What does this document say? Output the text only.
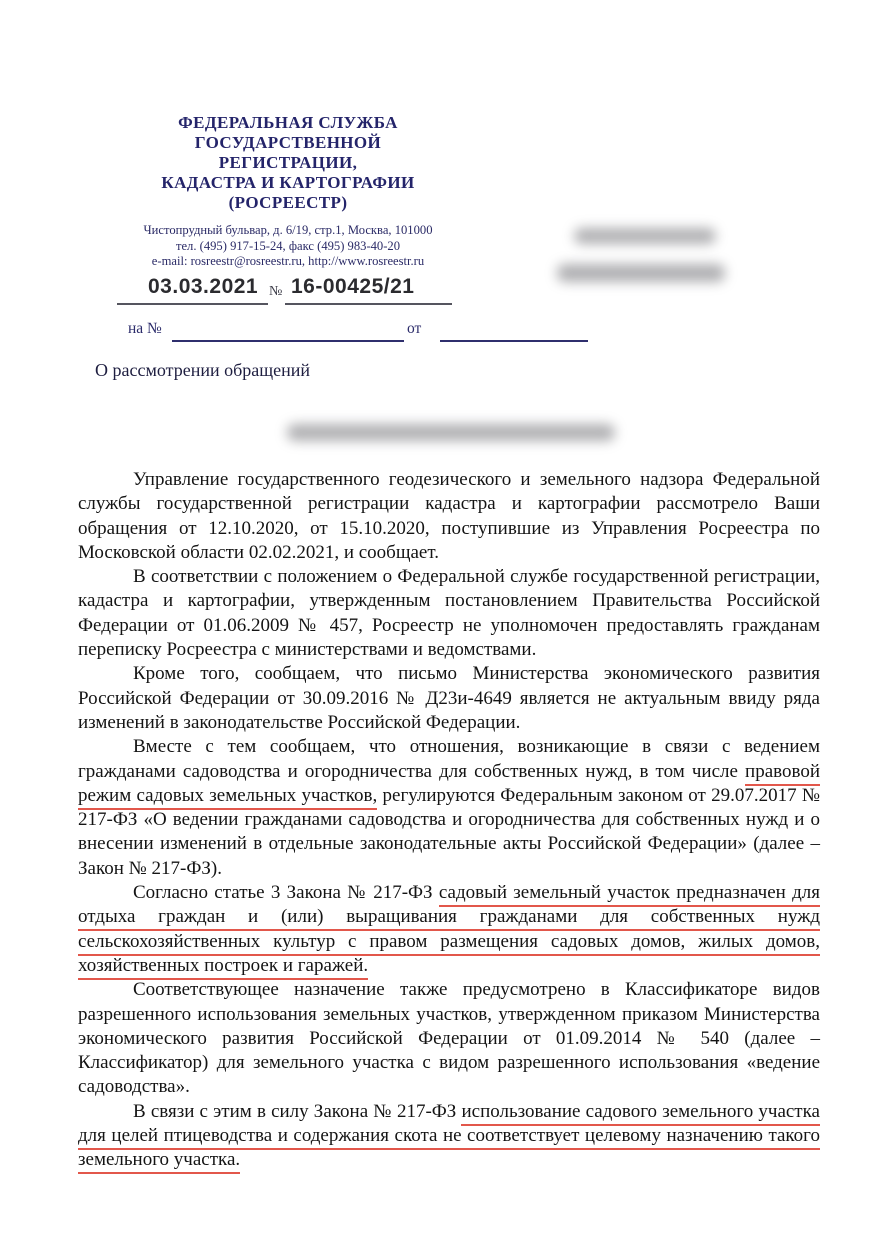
ФЕДЕРАЛЬНАЯ СЛУЖБА
ГОСУДАРСТВЕННОЙ
РЕГИСТРАЦИИ,
КАДАСТРА И КАРТОГРАФИИ
(РОСРЕЕСТР)
Чистопрудный бульвар, д. 6/19, стр.1, Москва, 101000
тел. (495) 917-15-24, факс (495) 983-40-20
e-mail: rosreestr@rosreestr.ru, http://www.rosreestr.ru
03.03.2021 № 16-00425/21
на №	от
О рассмотрении обращений

Управление государственного геодезического и земельного надзора Федеральной службы государственной регистрации кадастра и картографии рассмотрело Ваши обращения от 12.10.2020, от 15.10.2020, поступившие из Управления Росреестра по Московской области 02.02.2021, и сообщает.

В соответствии с положением о Федеральной службе государственной регистрации, кадастра и картографии, утвержденным постановлением Правительства Российской Федерации от 01.06.2009 № 457, Росреестр не уполномочен предоставлять гражданам переписку Росреестра с министерствами и ведомствами.

Кроме того, сообщаем, что письмо Министерства экономического развития Российской Федерации от 30.09.2016 № Д23и-4649 является не актуальным ввиду ряда изменений в законодательстве Российской Федерации.

Вместе с тем сообщаем, что отношения, возникающие в связи с ведением гражданами садоводства и огородничества для собственных нужд, в том числе правовой режим садовых земельных участков, регулируются Федеральным законом от 29.07.2017 № 217-ФЗ «О ведении гражданами садоводства и огородничества для собственных нужд и о внесении изменений в отдельные законодательные акты Российской Федерации» (далее – Закон № 217-ФЗ).

Согласно статье 3 Закона № 217-ФЗ садовый земельный участок предназначен для отдыха граждан и (или) выращивания гражданами для собственных нужд сельскохозяйственных культур с правом размещения садовых домов, жилых домов, хозяйственных построек и гаражей.

Соответствующее назначение также предусмотрено в Классификаторе видов разрешенного использования земельных участков, утвержденном приказом Министерства экономического развития Российской Федерации от 01.09.2014 № 540 (далее – Классификатор) для земельного участка с видом разрешенного использования «ведение садоводства».

В связи с этим в силу Закона № 217-ФЗ использование садового земельного участка для целей птицеводства и содержания скота не соответствует целевому назначению такого земельного участка.
